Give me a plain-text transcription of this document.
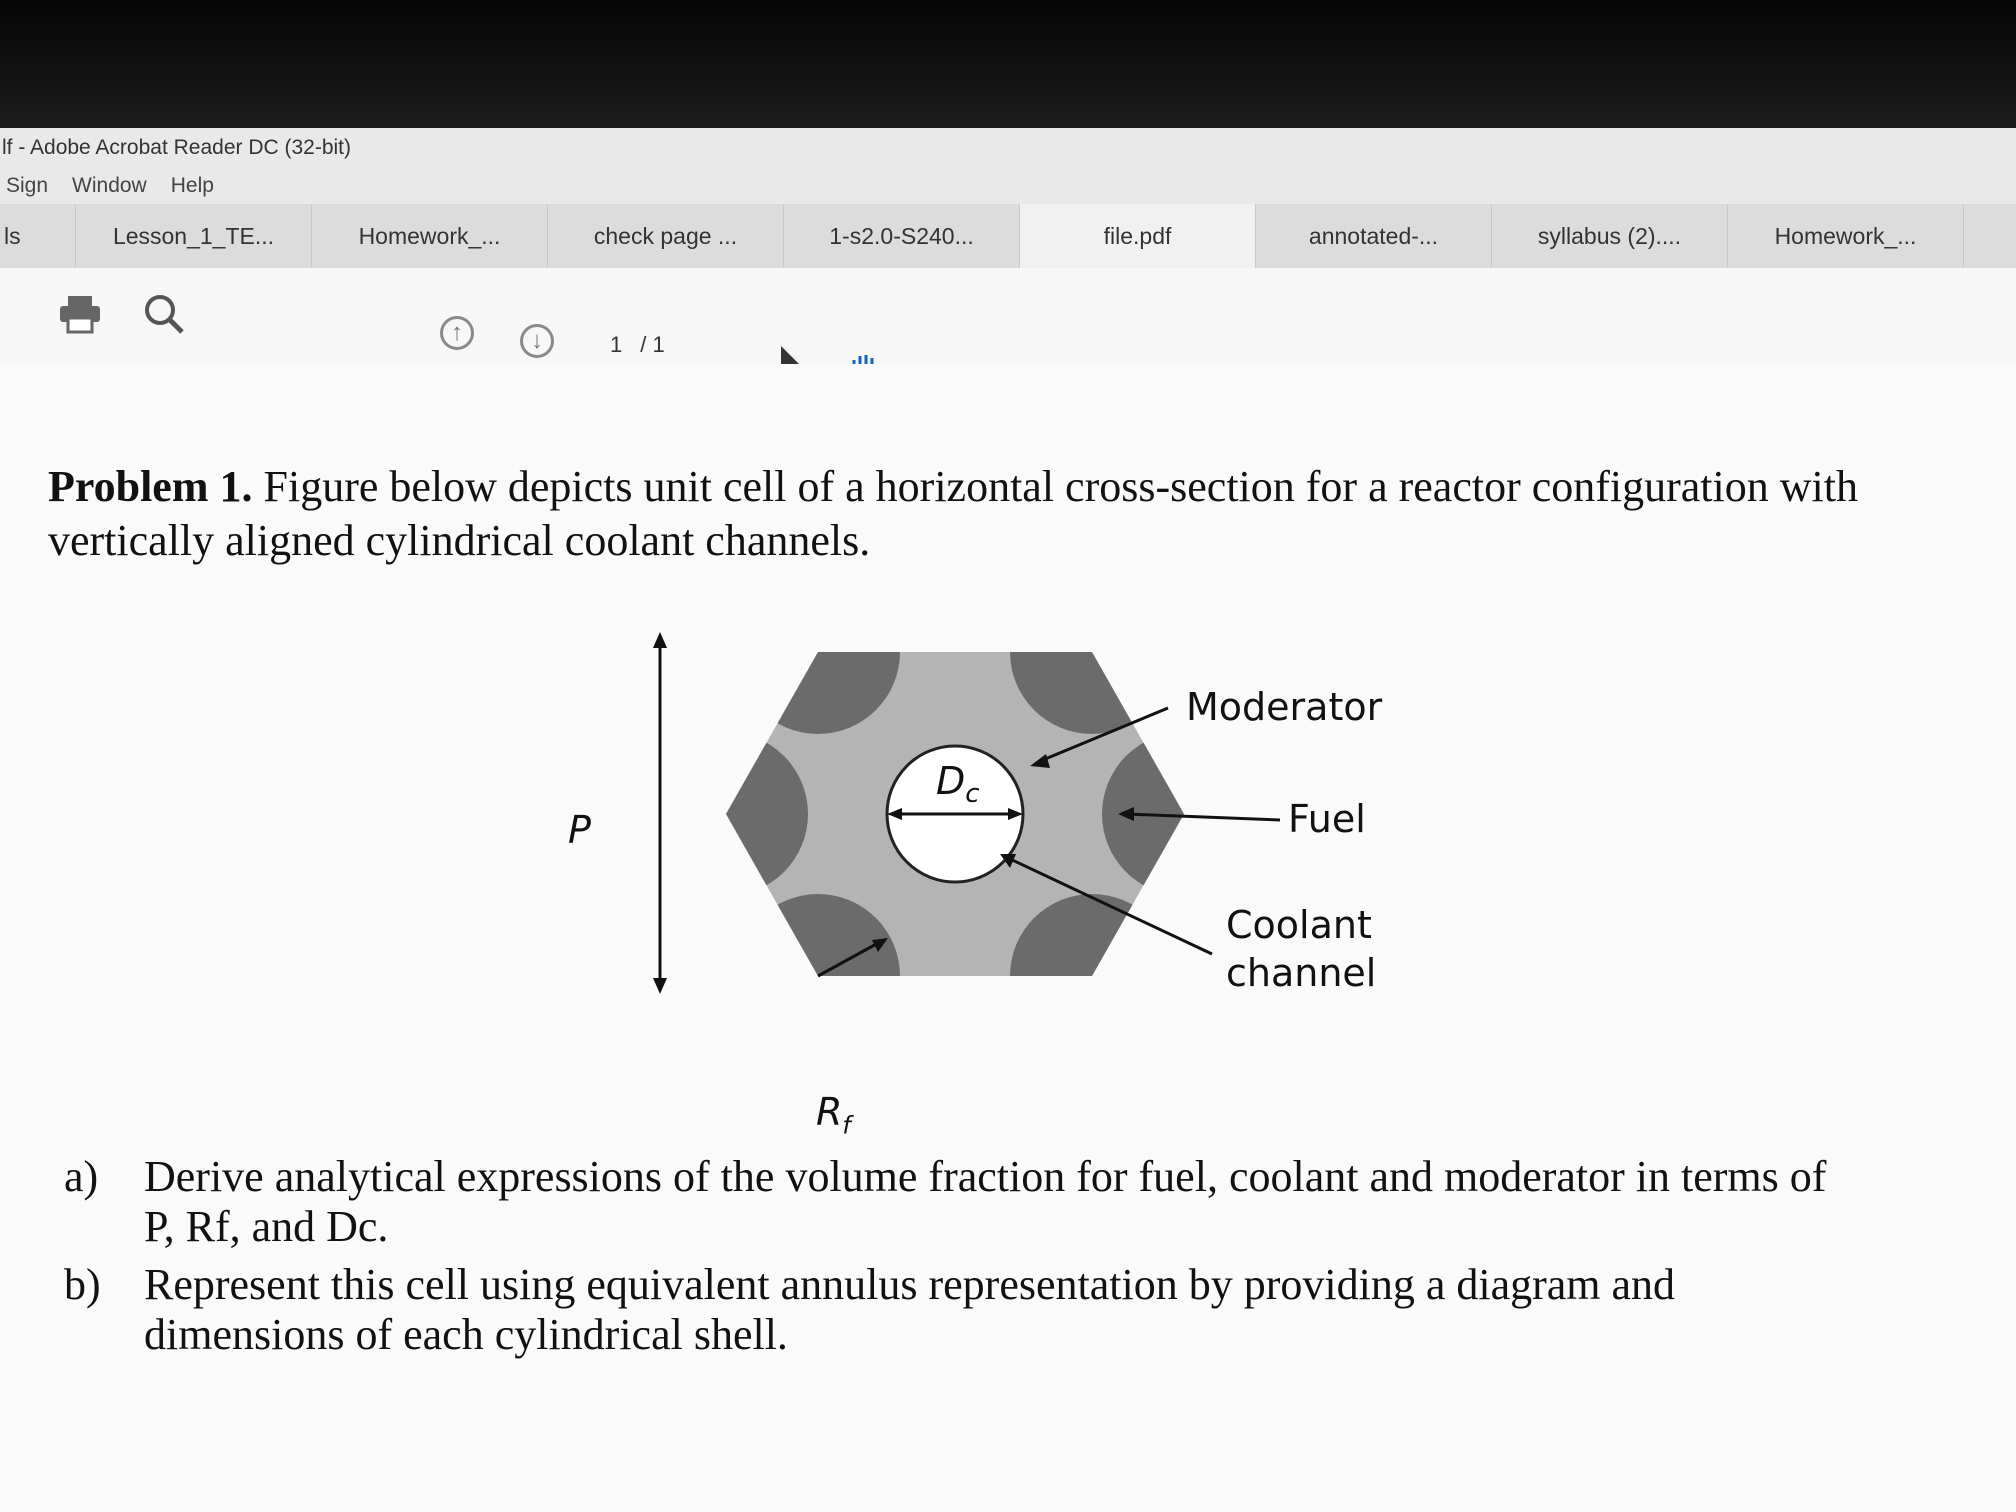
lf - Adobe Acrobat Reader DC (32-bit)
Sign Window Help
ls	Lesson_1_TE...	Homework_...	check page ...	1-s2.0-S240...	file.pdf	annotated-...	syllabus (2)....	Homework_...
↑	↓	1 / 1
Problem 1. Figure below depicts unit cell of a horizontal cross-section for a reactor configuration with vertically aligned cylindrical coolant channels.
$D_c$
Moderator
Fuel
Coolant
channel
P
$R_f$
a) Derive analytical expressions of the volume fraction for fuel, coolant and moderator in terms of
P, Rf, and Dc.
b) Represent this cell using equivalent annulus representation by providing a diagram and
dimensions of each cylindrical shell.
